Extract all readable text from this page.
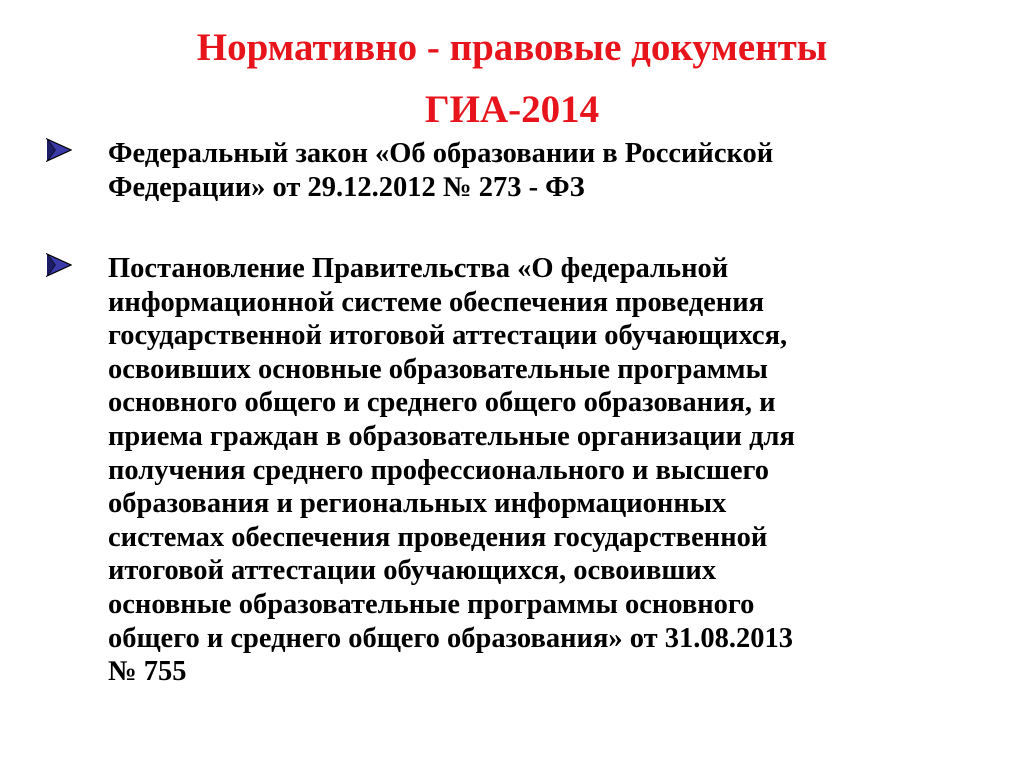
Нормативно - правовые документы
ГИА-2014

Федеральный закон «Об образовании в Российской
Федерации» от 29.12.2012 № 273 - ФЗ

Постановление Правительства «О федеральной
информационной системе обеспечения проведения
государственной итоговой аттестации обучающихся,
освоивших основные образовательные программы
основного общего и среднего общего образования, и
приема граждан в образовательные организации для
получения среднего профессионального и высшего
образования и региональных информационных
системах обеспечения проведения государственной
итоговой аттестации обучающихся, освоивших
основные образовательные программы основного
общего и среднего общего образования» от 31.08.2013
№ 755
